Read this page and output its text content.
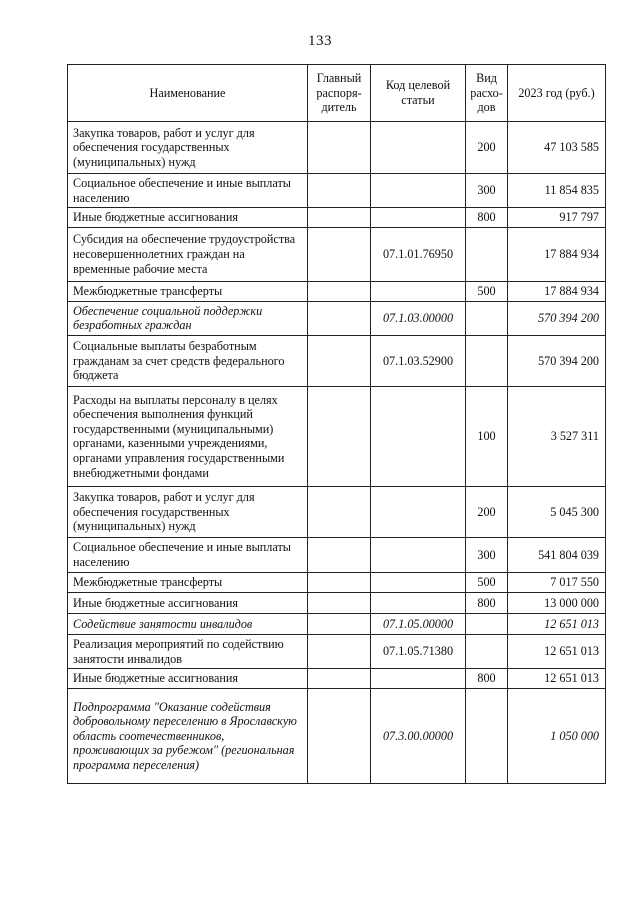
133
Наименование	Главный распоря-дитель	Код целевой статьи	Вид расхо-дов	2023 год (руб.)
Закупка товаров, работ и услуг для обеспечения государственных (муниципальных) нужд			200	47 103 585
Социальное обеспечение и иные выплаты населению			300	11 854 835
Иные бюджетные ассигнования			800	917 797
Субсидия на обеспечение трудоустройства несовершеннолетних граждан на временные рабочие места		07.1.01.76950		17 884 934
Межбюджетные трансферты			500	17 884 934
Обеспечение социальной поддержки безработных граждан		07.1.03.00000		570 394 200
Социальные выплаты безработным гражданам за счет средств федерального бюджета		07.1.03.52900		570 394 200
Расходы на выплаты персоналу в целях обеспечения выполнения функций государственными (муниципальными) органами, казенными учреждениями, органами управления государственными внебюджетными фондами			100	3 527 311
Закупка товаров, работ и услуг для обеспечения государственных (муниципальных) нужд			200	5 045 300
Социальное обеспечение и иные выплаты населению			300	541 804 039
Межбюджетные трансферты			500	7 017 550
Иные бюджетные ассигнования			800	13 000 000
Содействие занятости инвалидов		07.1.05.00000		12 651 013
Реализация мероприятий по содействию занятости инвалидов		07.1.05.71380		12 651 013
Иные бюджетные ассигнования			800	12 651 013
Подпрограмма "Оказание содействия добровольному переселению в Ярославскую область соотечественников, проживающих за рубежом" (региональная программа переселения)		07.3.00.00000		1 050 000
